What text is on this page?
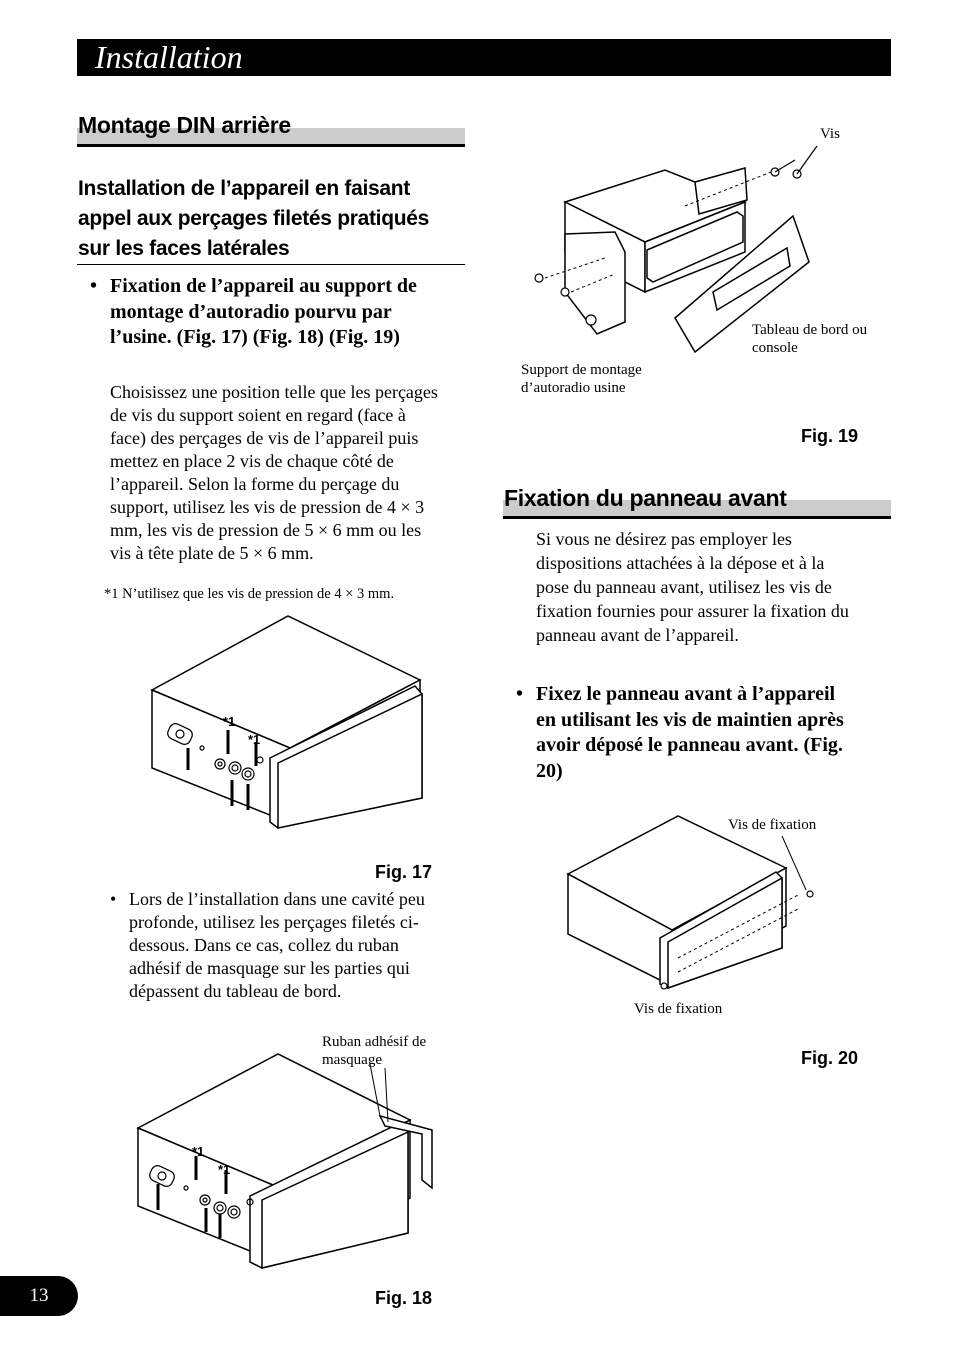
Installation
Montage DIN arrière
Installation de l’appareil en faisant appel aux perçages filetés pratiqués sur les faces latérales
• Fixation de l’appareil au support de montage d’autoradio pourvu par l’usine. (Fig. 17) (Fig. 18) (Fig. 19)
Choisissez une position telle que les perçages de vis du support soient en regard (face à face) des perçages de vis de l’appareil puis mettez en place 2 vis de chaque côté de l’appareil. Selon la forme du perçage du support, utilisez les vis de pression de 4 × 3 mm, les vis de pression de 5 × 6 mm ou les vis à tête plate de 5 × 6 mm.
*1 N’utilisez que les vis de pression de 4 × 3 mm.
*1
*1
Fig. 17
• Lors de l’installation dans une cavité peu profonde, utilisez les perçages filetés ci-dessous. Dans ce cas, collez du ruban adhésif de masquage sur les parties qui dépassent du tableau de bord.
Ruban adhésif de masquage
*1
*1
Fig. 18
Vis
Tableau de bord ou console
Support de montage d’autoradio usine
Fig. 19
Fixation du panneau avant
Si vous ne désirez pas employer les dispositions attachées à la dépose et à la pose du panneau avant, utilisez les vis de fixation fournies pour assurer la fixation du panneau avant de l’appareil.
• Fixez le panneau avant à l’appareil en utilisant les vis de maintien après avoir déposé le panneau avant. (Fig. 20)
Vis de fixation
Vis de fixation
Fig. 20
13
